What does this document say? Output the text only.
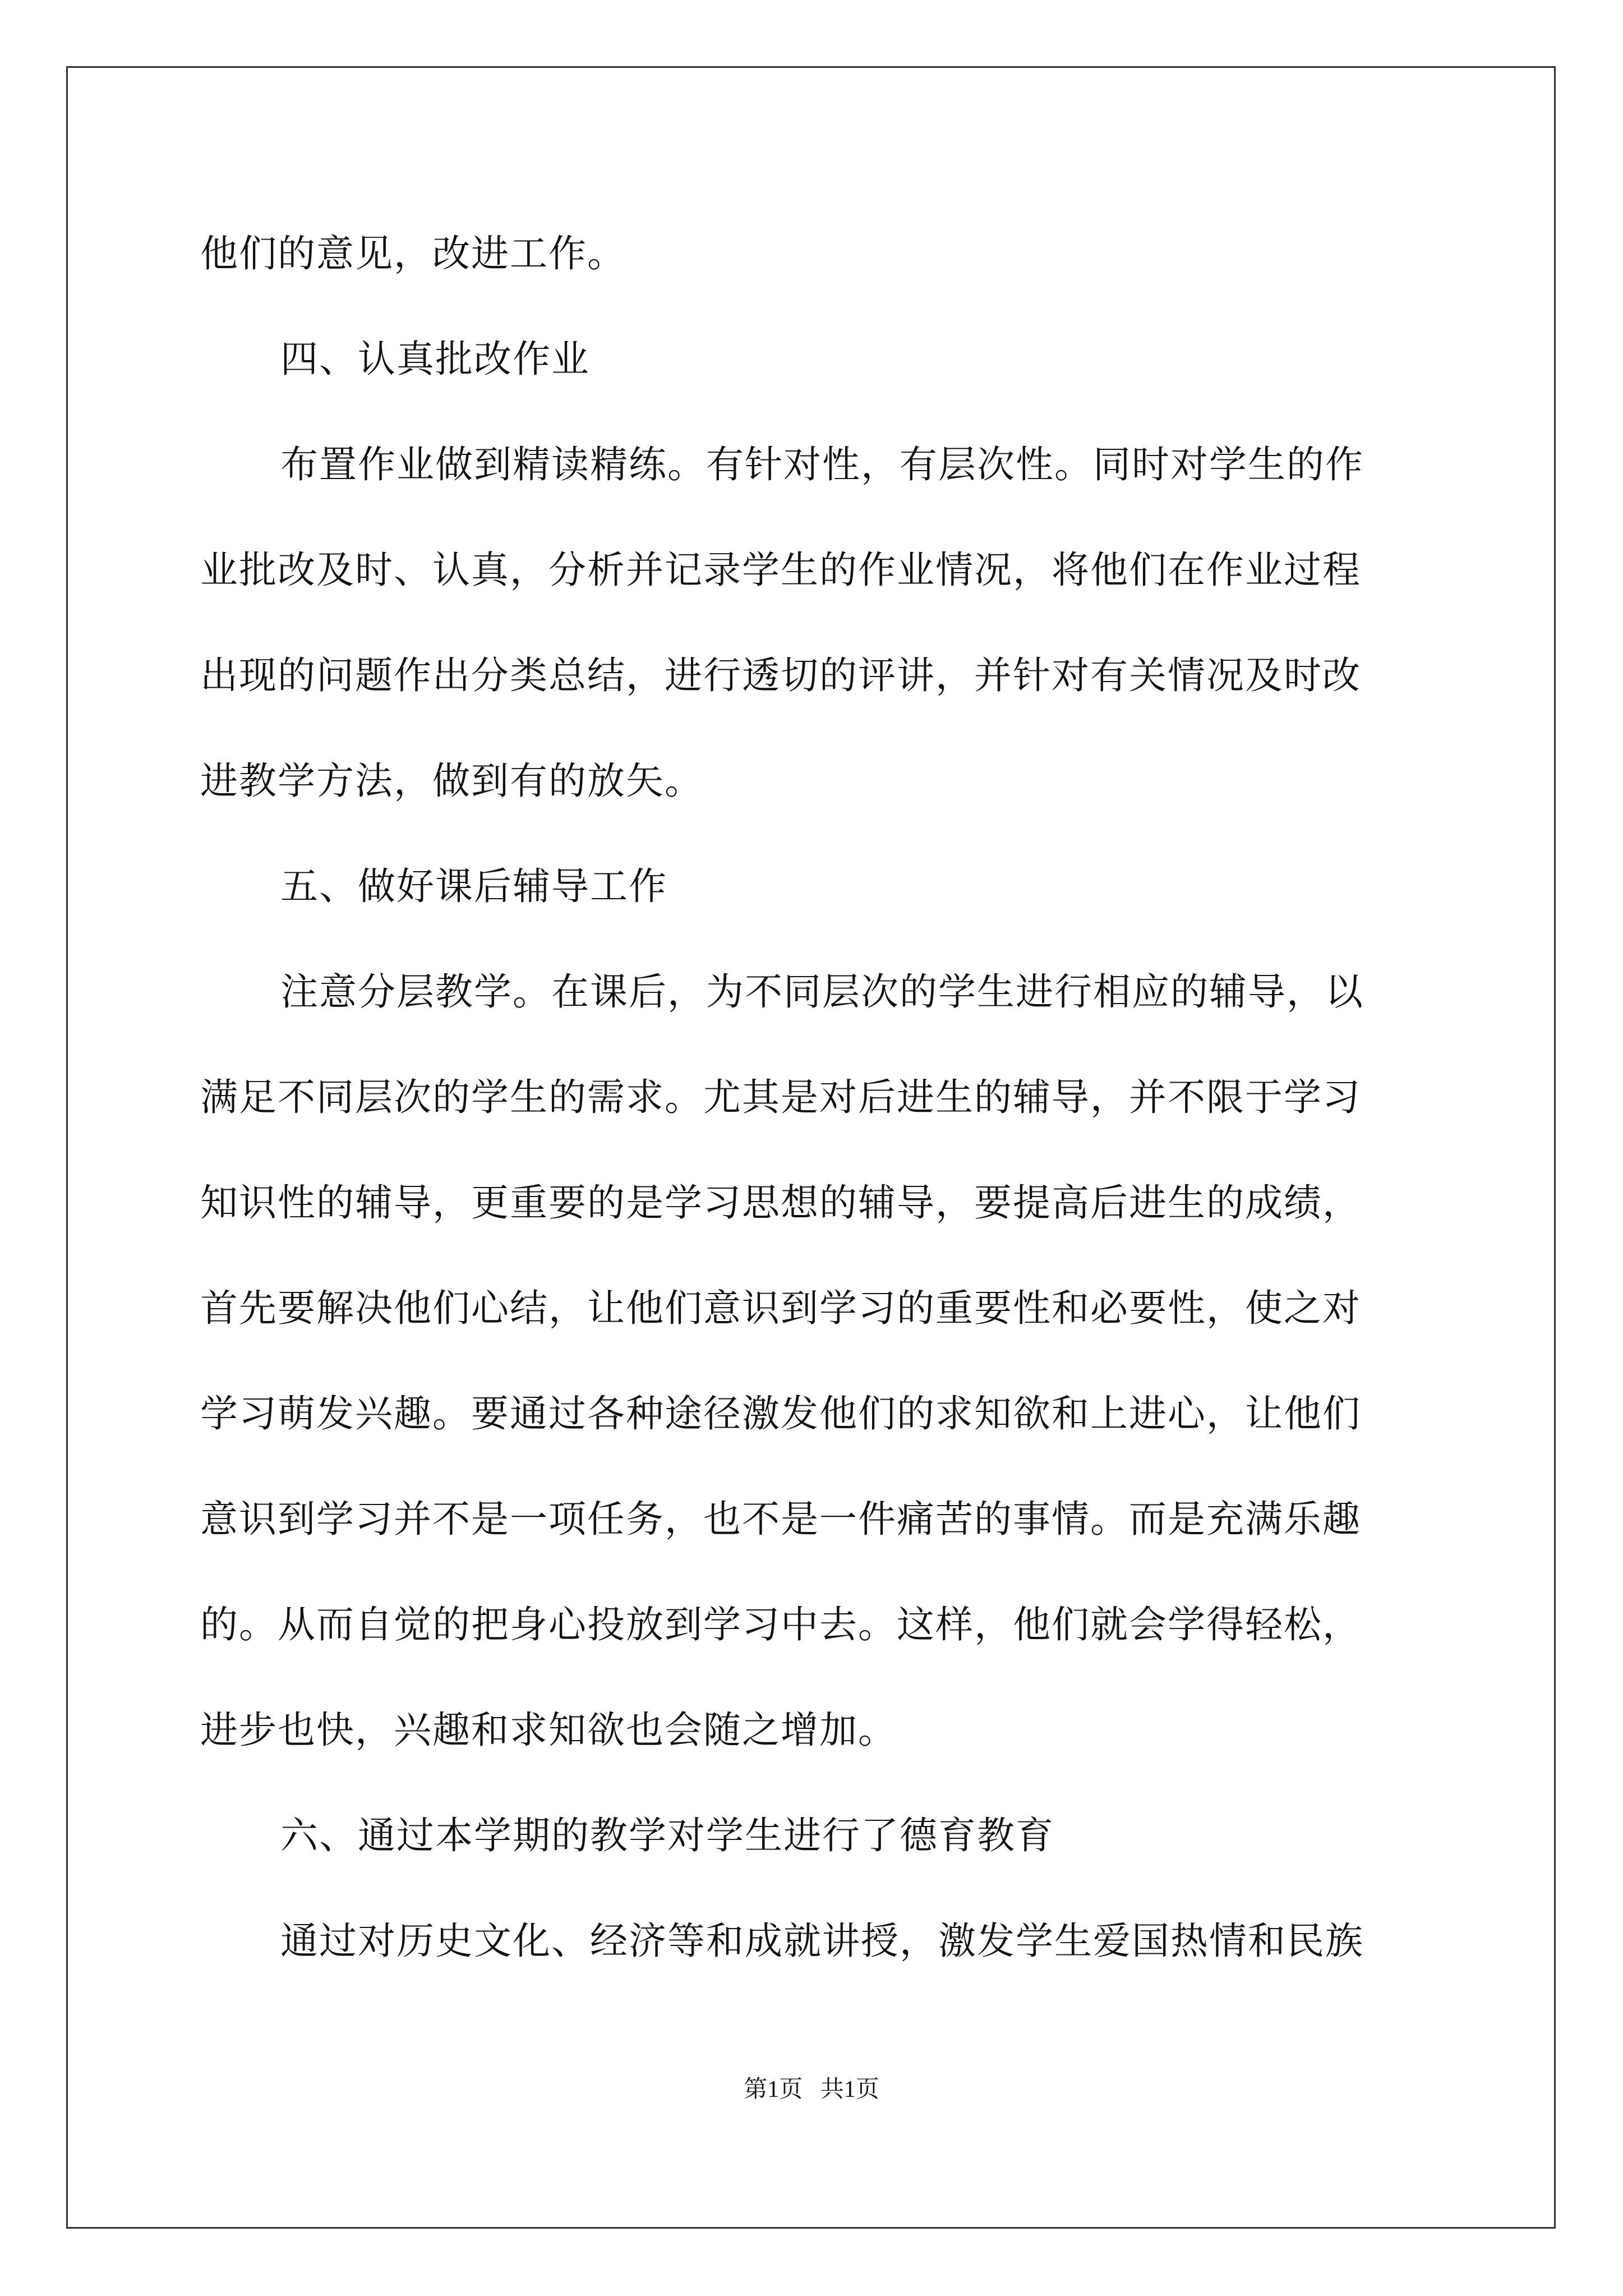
他们的意见，改进工作。
四、认真批改作业
布置作业做到精读精练。有针对性，有层次性。同时对学生的作
业批改及时、认真，分析并记录学生的作业情况，将他们在作业过程
出现的问题作出分类总结，进行透切的评讲，并针对有关情况及时改
进教学方法，做到有的放矢。
五、做好课后辅导工作
注意分层教学。在课后，为不同层次的学生进行相应的辅导，以
满足不同层次的学生的需求。尤其是对后进生的辅导，并不限于学习
知识性的辅导，更重要的是学习思想的辅导，要提高后进生的成绩，
首先要解决他们心结，让他们意识到学习的重要性和必要性，使之对
学习萌发兴趣。要通过各种途径激发他们的求知欲和上进心，让他们
意识到学习并不是一项任务，也不是一件痛苦的事情。而是充满乐趣
的。从而自觉的把身心投放到学习中去。这样，他们就会学得轻松，
进步也快，兴趣和求知欲也会随之增加。
六、通过本学期的教学对学生进行了德育教育
通过对历史文化、经济等和成就讲授，激发学生爱国热情和民族
第1页   共1页
